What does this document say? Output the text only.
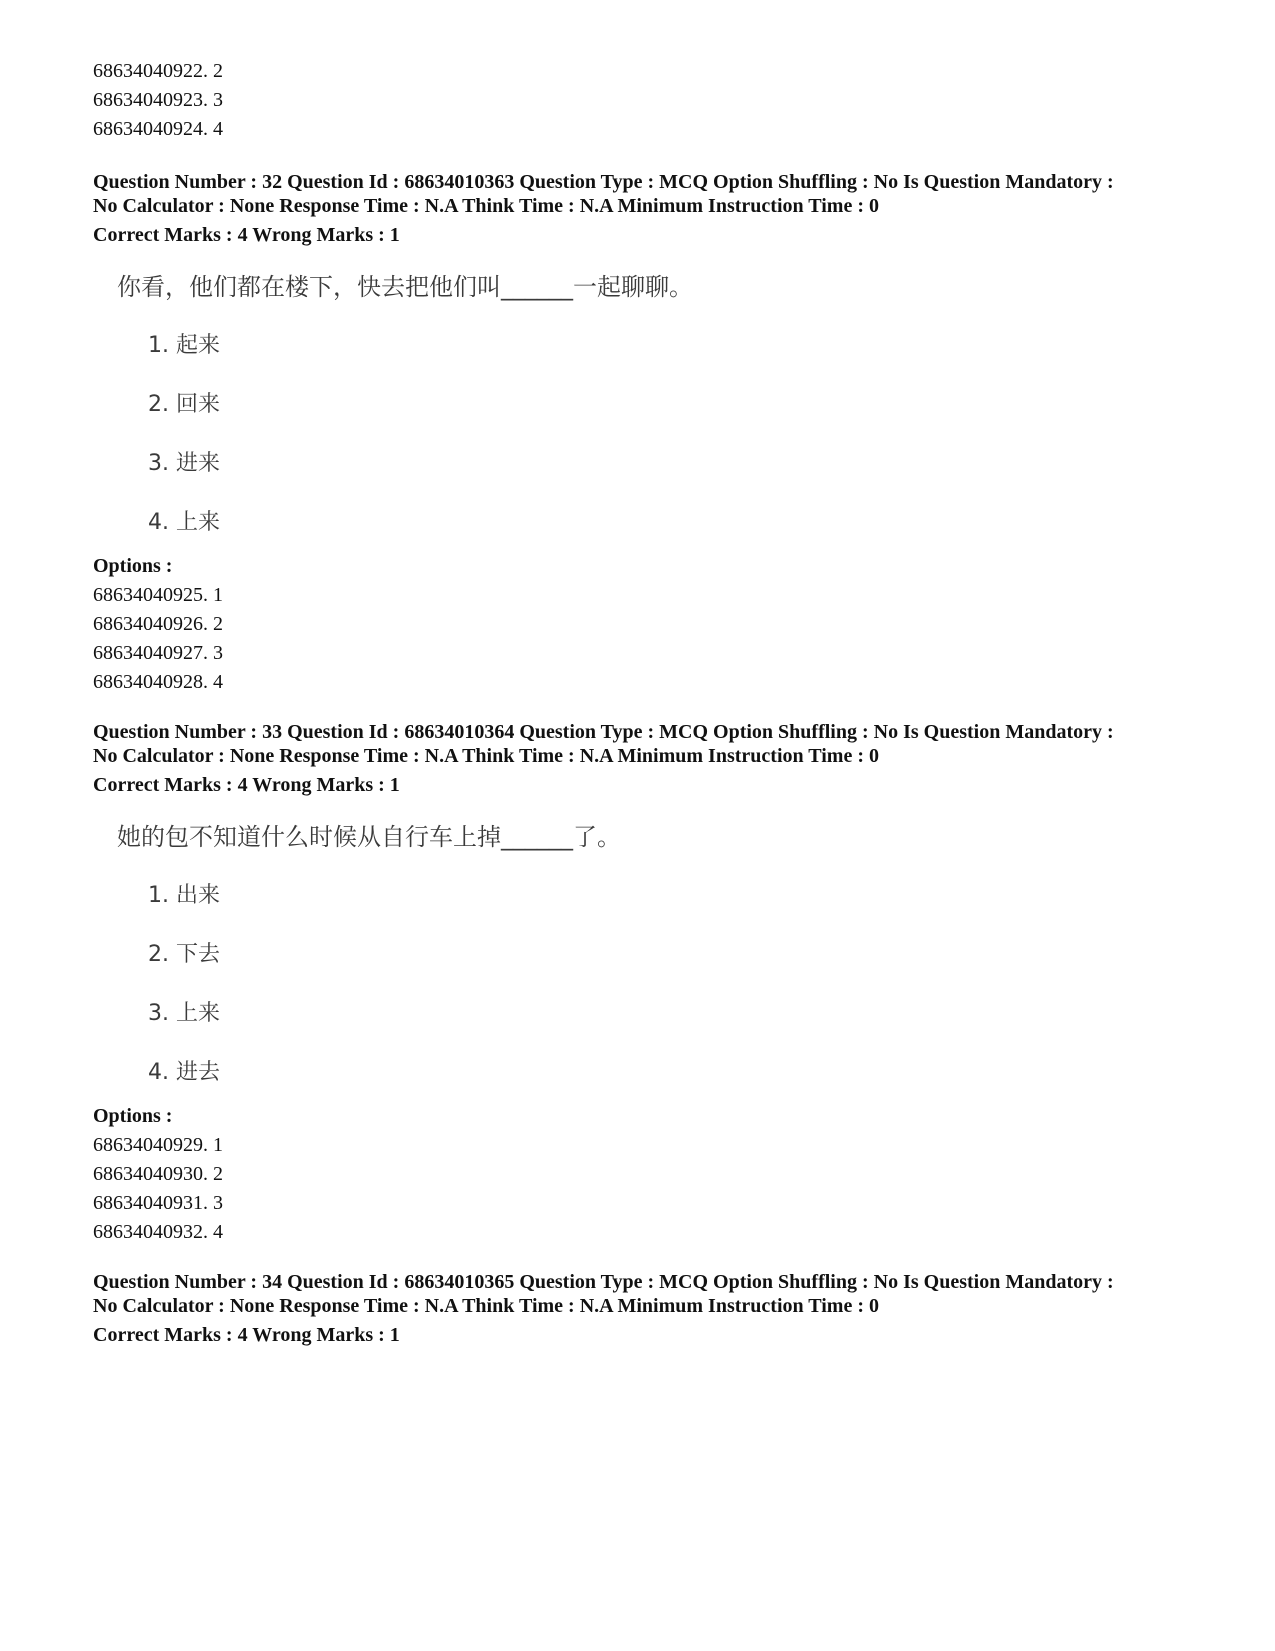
68634040922. 2
68634040923. 3
68634040924. 4
Question Number : 32 Question Id : 68634010363 Question Type : MCQ Option Shuffling : No Is Question Mandatory :
No Calculator : None Response Time : N.A Think Time : N.A Minimum Instruction Time : 0
Correct Marks : 4 Wrong Marks : 1
你看，他们都在楼下，快去把他们叫______一起聊聊。
1. 起来
2. 回来
3. 进来
4. 上来
Options :
68634040925. 1
68634040926. 2
68634040927. 3
68634040928. 4
Question Number : 33 Question Id : 68634010364 Question Type : MCQ Option Shuffling : No Is Question Mandatory :
No Calculator : None Response Time : N.A Think Time : N.A Minimum Instruction Time : 0
Correct Marks : 4 Wrong Marks : 1
她的包不知道什么时候从自行车上掉______了。
1. 出来
2. 下去
3. 上来
4. 进去
Options :
68634040929. 1
68634040930. 2
68634040931. 3
68634040932. 4
Question Number : 34 Question Id : 68634010365 Question Type : MCQ Option Shuffling : No Is Question Mandatory :
No Calculator : None Response Time : N.A Think Time : N.A Minimum Instruction Time : 0
Correct Marks : 4 Wrong Marks : 1
